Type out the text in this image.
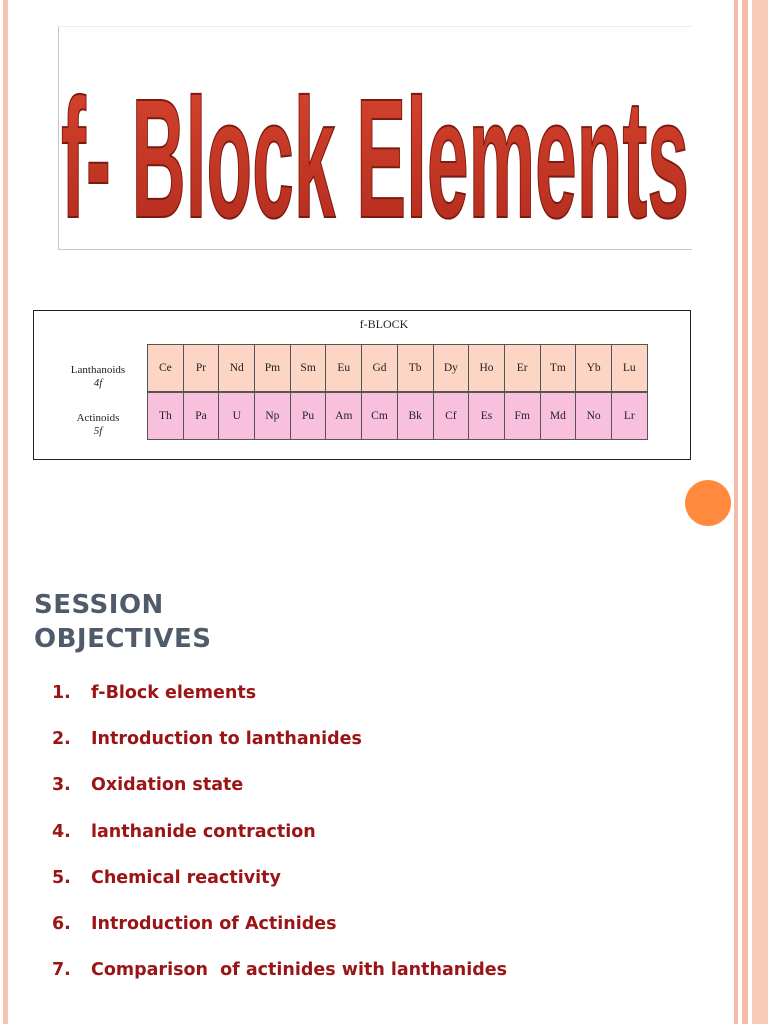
f- Block Elements
f-BLOCK
Lanthanoids
4f
Ce	Pr	Nd	Pm	Sm	Eu	Gd	Tb	Dy	Ho	Er	Tm	Yb	Lu
Actinoids
5f
Th	Pa	U	Np	Pu	Am	Cm	Bk	Cf	Es	Fm	Md	No	Lr
SESSION
OBJECTIVES
1.	f-Block elements
2.	Introduction to lanthanides
3.	Oxidation state
4.	lanthanide contraction
5.	Chemical reactivity
6.	Introduction of Actinides
7.	Comparison  of actinides with lanthanides
